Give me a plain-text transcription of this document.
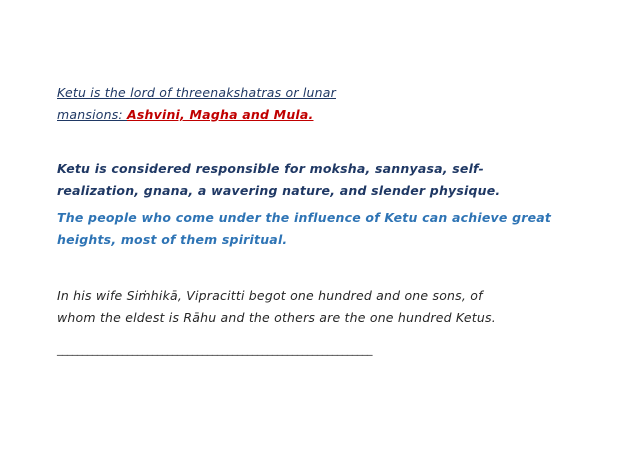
Ketu is the lord of threenakshatras or lunar
mansions: Ashvini, Magha and Mula.
Ketu is considered responsible for moksha, sannyasa, self-
realization, gnana, a wavering nature, and slender physique.
The people who come under the influence of Ketu can achieve great
heights, most of them spiritual.
In his wife Siṁhikā, Vipracitti begot one hundred and one sons, of
whom the eldest is Rāhu and the others are the one hundred Ketus.
_______________________________________________________________
